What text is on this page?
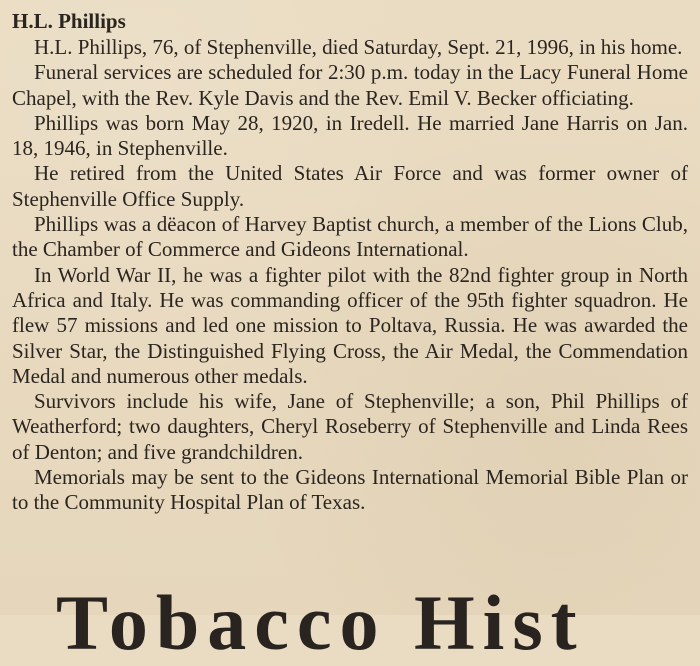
H.L. Phillips

H.L. Phillips, 76, of Stephenville, died Saturday, Sept. 21, 1996, in his home.

Funeral services are scheduled for 2:30 p.m. today in the Lacy Funeral Home Chapel, with the Rev. Kyle Davis and the Rev. Emil V. Becker officiating.

Phillips was born May 28, 1920, in Iredell. He married Jane Harris on Jan. 18, 1946, in Stephenville.

He retired from the United States Air Force and was former owner of Stephenville Office Supply.

Phillips was a dëacon of Harvey Baptist church, a member of the Lions Club, the Chamber of Commerce and Gideons International.

In World War II, he was a fighter pilot with the 82nd fighter group in North Africa and Italy. He was commanding officer of the 95th fighter squadron. He flew 57 missions and led one mission to Poltava, Russia. He was awarded the Silver Star, the Distinguished Flying Cross, the Air Medal, the Commendation Medal and numerous other medals.

Survivors include his wife, Jane of Stephenville; a son, Phil Phillips of Weatherford; two daughters, Cheryl Roseberry of Stephenville and Linda Rees of Denton; and five grandchildren.

Memorials may be sent to the Gideons International Memorial Bible Plan or to the Community Hospital Plan of Texas.

Tobacco Hist
